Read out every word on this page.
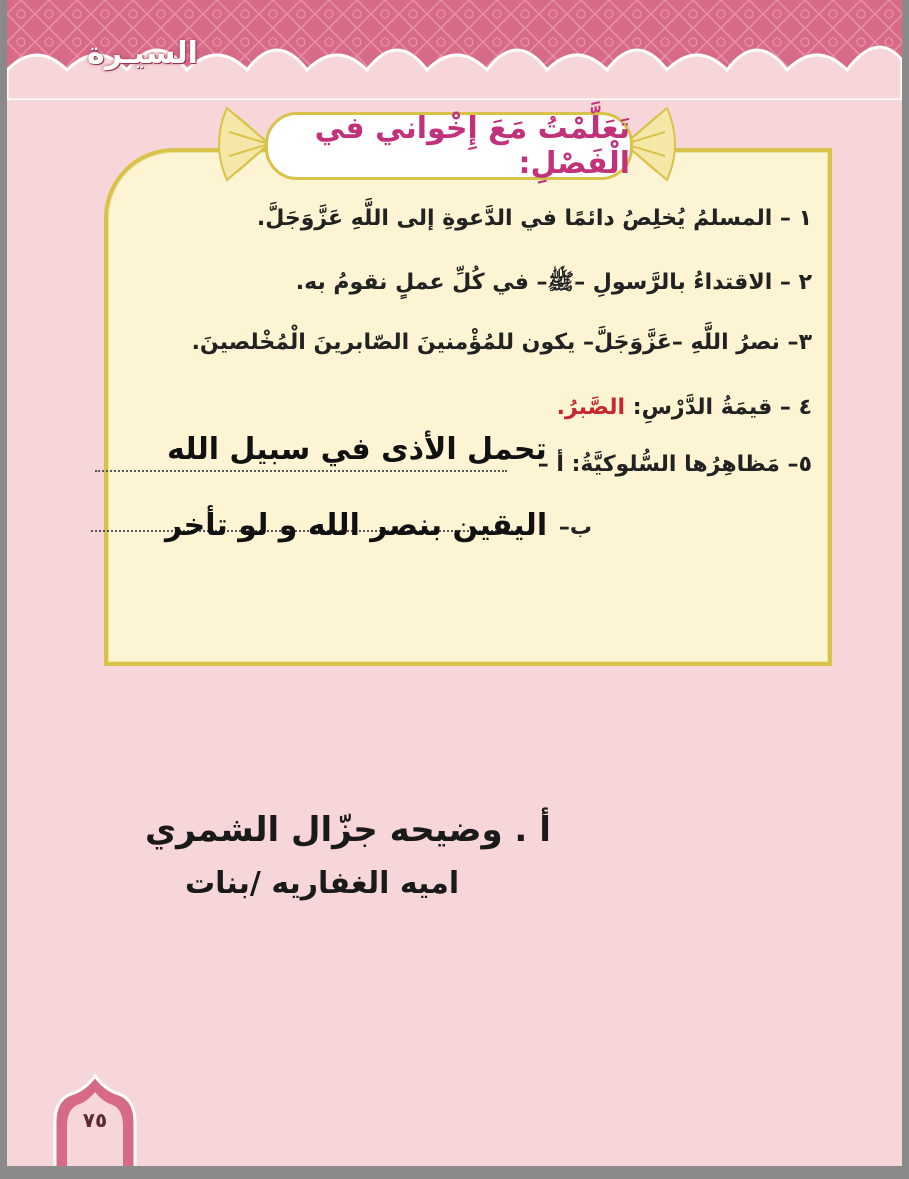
السيـرة
تَعَلَّمْتُ مَعَ إِخْواني في الْفَصْلِ:
١ – المسلمُ يُخلِصُ دائمًا في الدَّعوةِ إلى اللَّهِ عَزَّوَجَلَّ.
٢ – الاقتداءُ بالرَّسولِ –ﷺ– في كُلِّ عملٍ نقومُ به.
٣– نصرُ اللَّهِ –عَزَّوَجَلَّ– يكون للمُؤْمنينَ الصّابرينَ الْمُخْلصينَ.
٤ – قيمَةُ الدَّرْسِ: الصَّبرُ.
٥– مَظاهِرُها السُّلوكيَّةُ: أ –
ب–
تحمل الأذى في سبيل الله
اليقين بنصر الله و لو تأخر
أ . وضيحه جزّال الشمري
اميه الغفاريه /بنات
٧٥
